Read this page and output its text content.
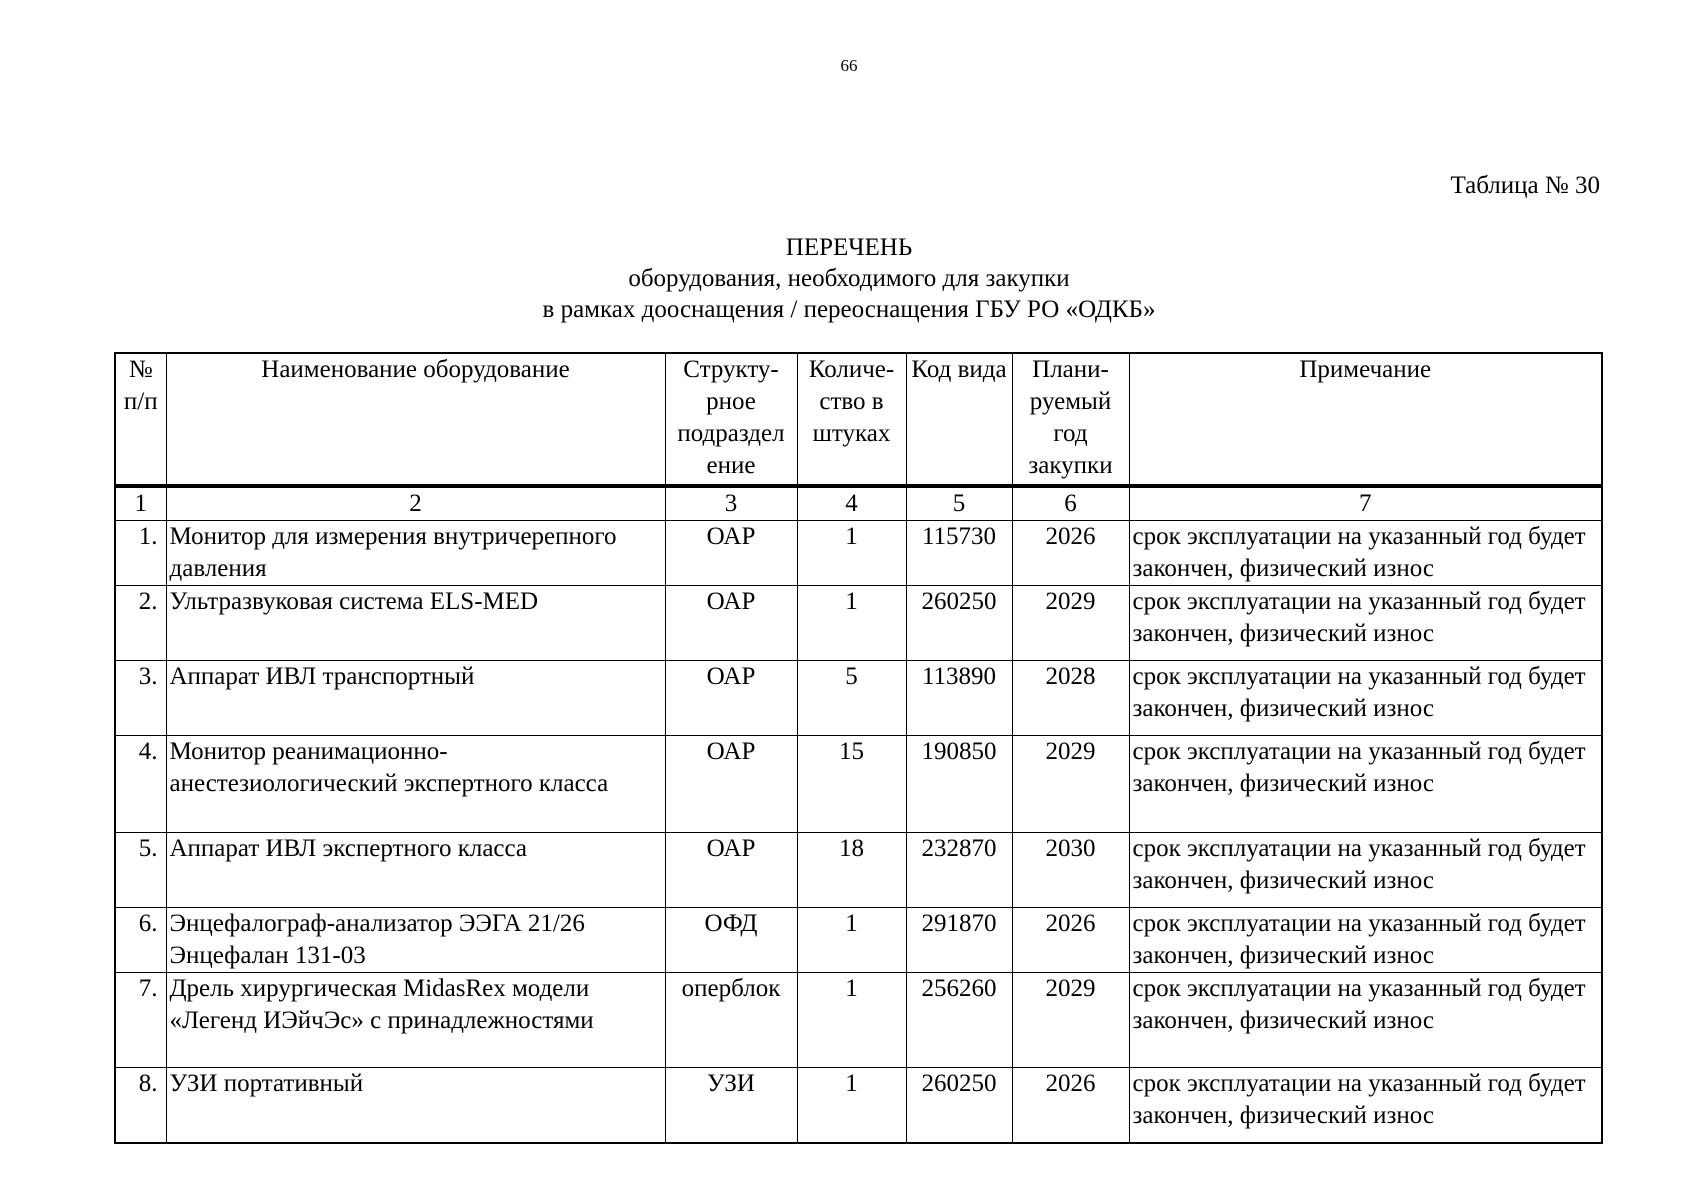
66
Таблица № 30
ПЕРЕЧЕНЬ
оборудования, необходимого для закупки
в рамках дооснащения / переоснащения ГБУ РО «ОДКБ»
№ п/п	Наименование оборудование	Структу-рное подраздел ение	Количе-ство в штуках	Код вида	Плани-руемый год закупки	Примечание
1	2	3	4	5	6	7
1.	Монитор для измерения внутричерепного давления	ОАР	1	115730	2026	срок эксплуатации на указанный год будет закончен, физический износ
2.	Ультразвуковая система ELS-MED	ОАР	1	260250	2029	срок эксплуатации на указанный год будет закончен, физический износ
3.	Аппарат ИВЛ транспортный	ОАР	5	113890	2028	срок эксплуатации на указанный год будет закончен, физический износ
4.	Монитор реанимационно-анестезиологический экспертного класса	ОАР	15	190850	2029	срок эксплуатации на указанный год будет закончен, физический износ
5.	Аппарат ИВЛ экспертного класса	ОАР	18	232870	2030	срок эксплуатации на указанный год будет закончен, физический износ
6.	Энцефалограф-анализатор ЭЭГА 21/26 Энцефалан 131-03	ОФД	1	291870	2026	срок эксплуатации на указанный год будет закончен, физический износ
7.	Дрель хирургическая MidasRex модели «Легенд ИЭйчЭс» с принадлежностями	оперблок	1	256260	2029	срок эксплуатации на указанный год будет закончен, физический износ
8.	УЗИ портативный	УЗИ	1	260250	2026	срок эксплуатации на указанный год будет закончен, физический износ
